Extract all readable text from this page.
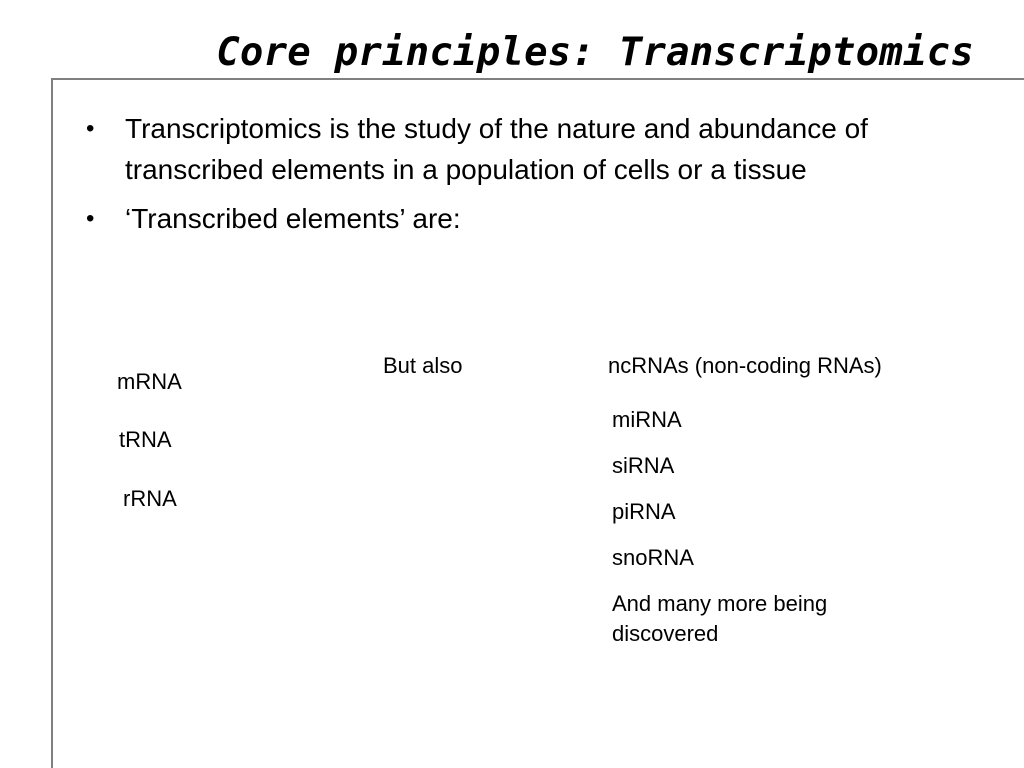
Core principles: Transcriptomics
• Transcriptomics is the study of the nature and abundance of transcribed elements in a population of cells or a tissue
• ‘Transcribed elements’ are:
mRNA
tRNA
rRNA
But also	ncRNAs (non-coding RNAs)
miRNA
siRNA
piRNA
snoRNA
And many more being discovered
